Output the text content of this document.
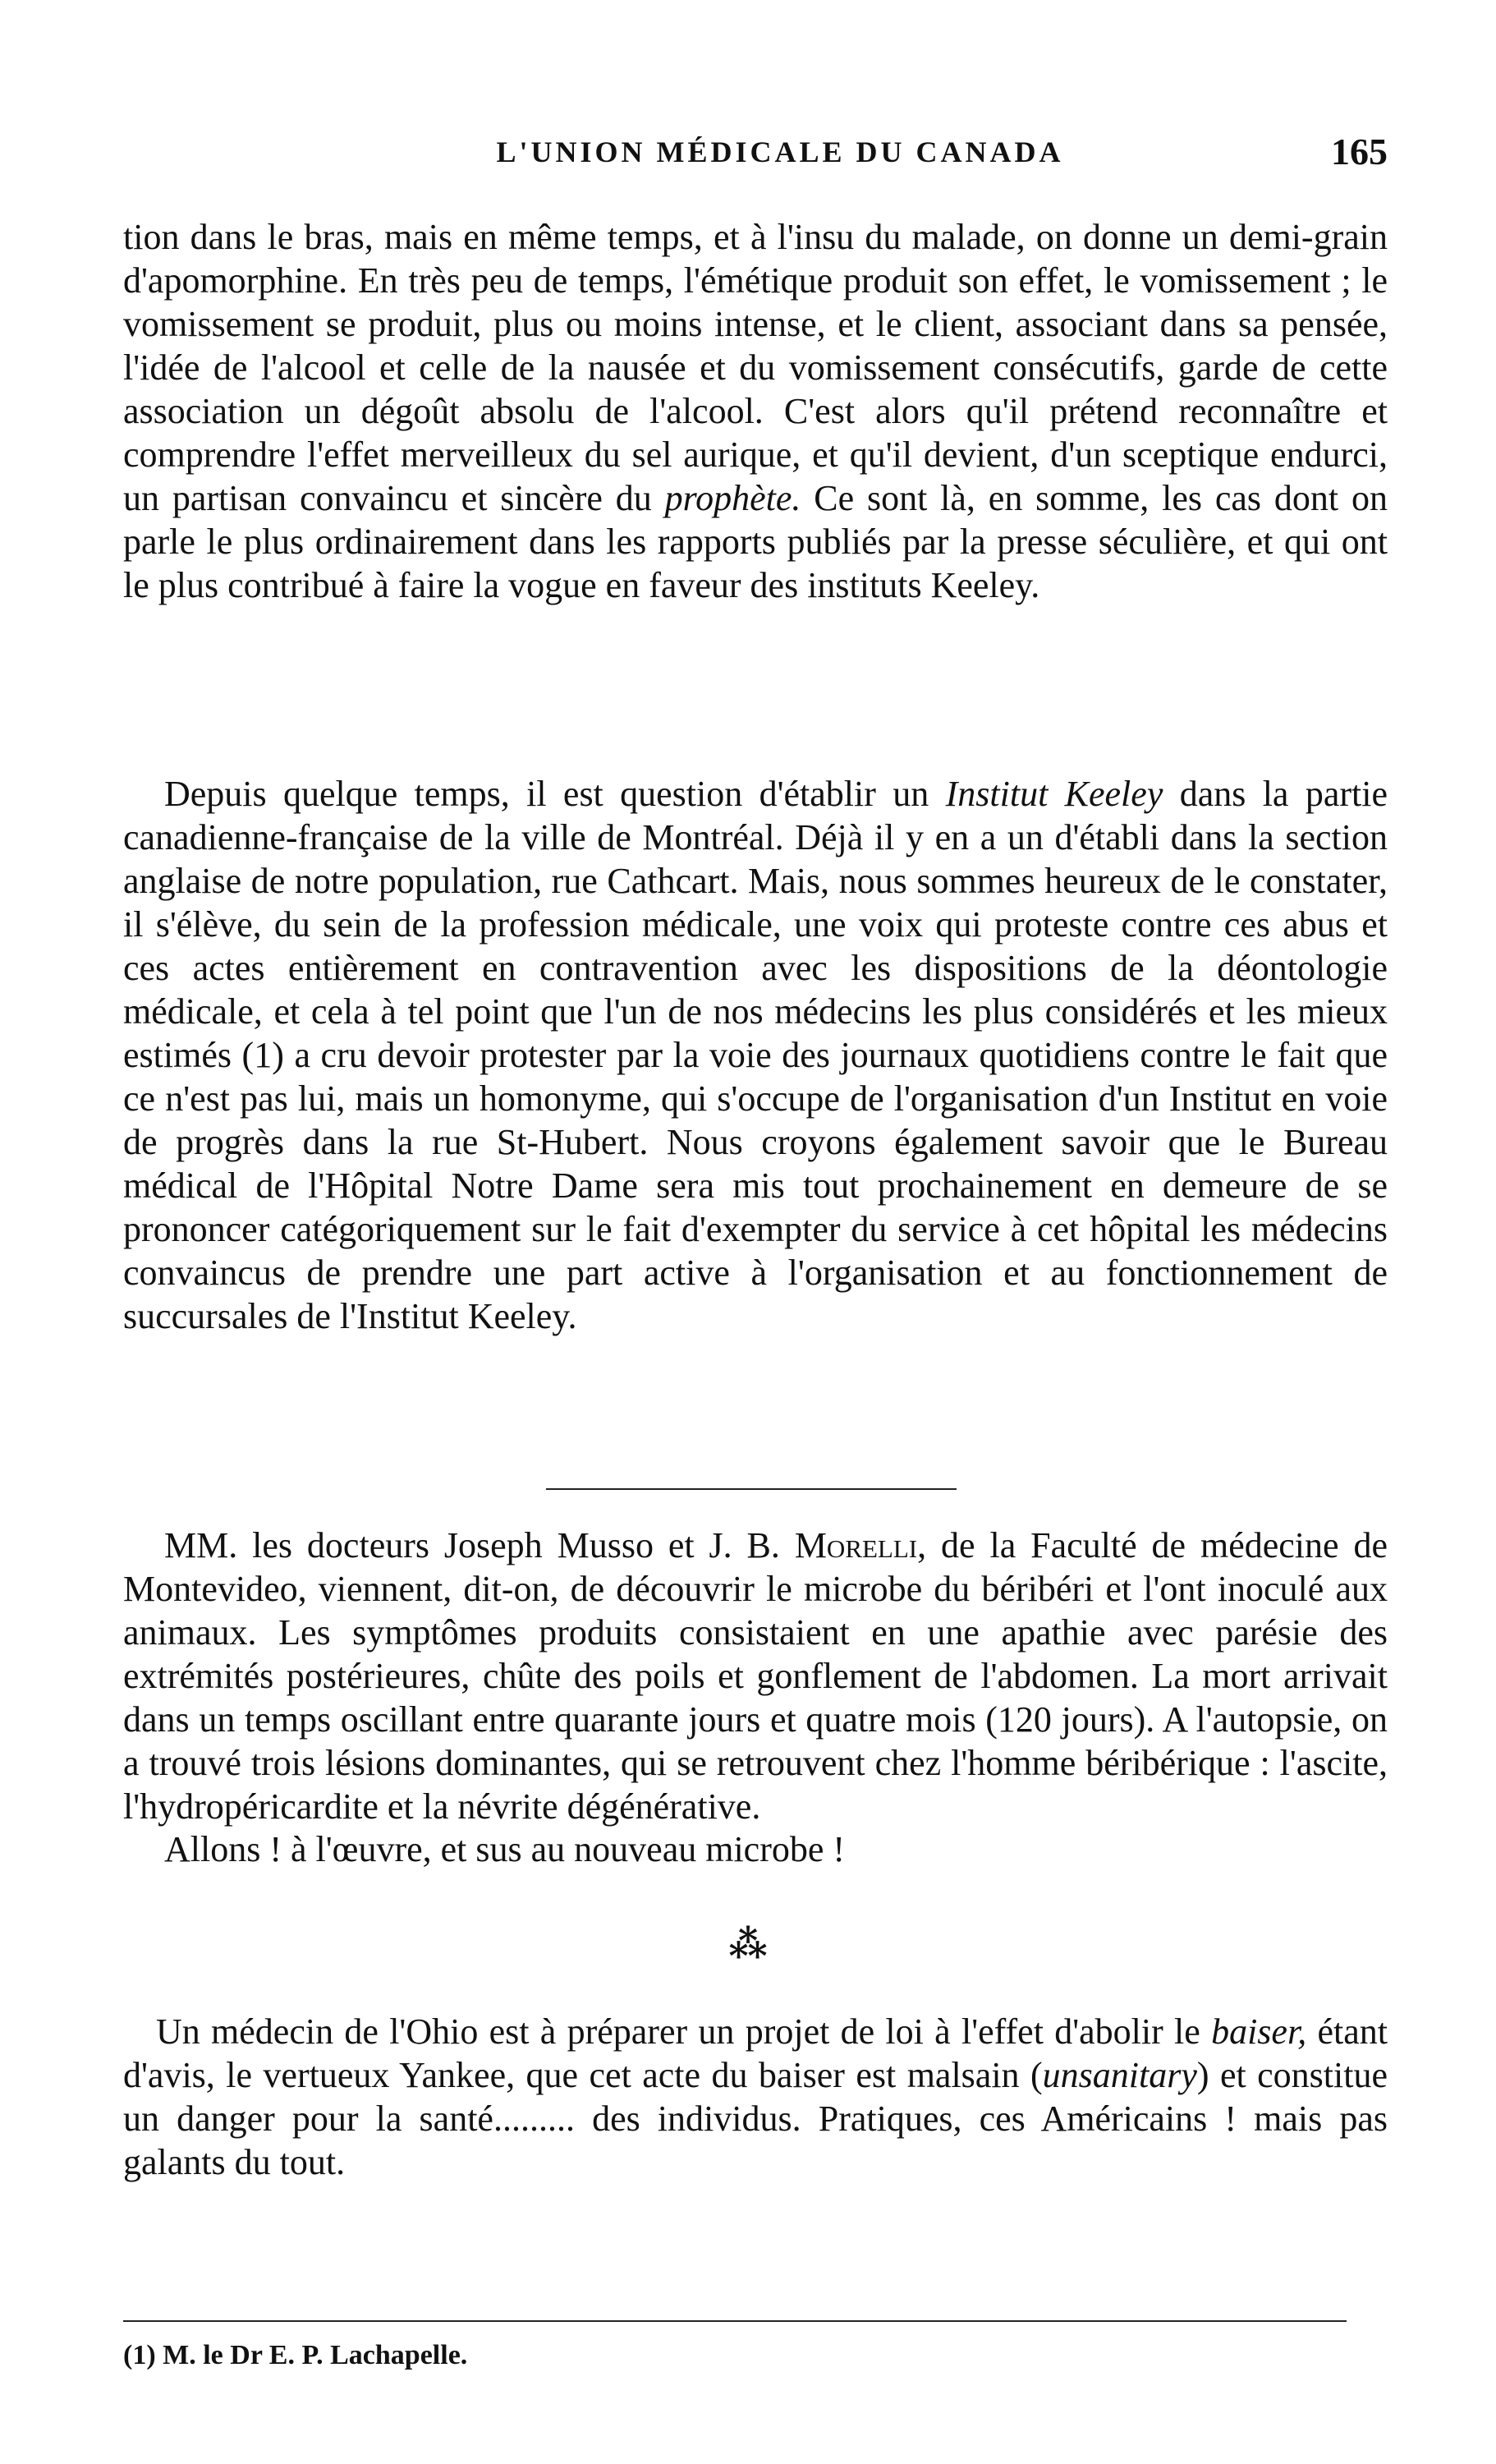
L'UNION MÉDICALE DU CANADA	165

tion dans le bras, mais en même temps, et à l'insu du malade, on donne un demi-grain d'apomorphine. En très peu de temps, l'émétique produit son effet, le vomissement ; le vomissement se produit, plus ou moins intense, et le client, associant dans sa pensée, l'idée de l'alcool et celle de la nausée et du vomissement consécutifs, garde de cette association un dégoût absolu de l'alcool. C'est alors qu'il prétend reconnaître et comprendre l'effet merveilleux du sel aurique, et qu'il devient, d'un sceptique endurci, un partisan convaincu et sincère du prophète. Ce sont là, en somme, les cas dont on parle le plus ordinairement dans les rapports publiés par la presse séculière, et qui ont le plus contribué à faire la vogue en faveur des instituts Keeley.

Depuis quelque temps, il est question d'établir un Institut Keeley dans la partie canadienne-française de la ville de Montréal. Déjà il y en a un d'établi dans la section anglaise de notre population, rue Cathcart. Mais, nous sommes heureux de le constater, il s'élève, du sein de la profession médicale, une voix qui proteste contre ces abus et ces actes entièrement en contravention avec les dispositions de la déontologie médicale, et cela à tel point que l'un de nos médecins les plus considérés et les mieux estimés (1) a cru devoir protester par la voie des journaux quotidiens contre le fait que ce n'est pas lui, mais un homonyme, qui s'occupe de l'organisation d'un Institut en voie de progrès dans la rue St-Hubert. Nous croyons également savoir que le Bureau médical de l'Hôpital Notre Dame sera mis tout prochainement en demeure de se prononcer catégoriquement sur le fait d'exempter du service à cet hôpital les médecins convaincus de prendre une part active à l'organisation et au fonctionnement de succursales de l'Institut Keeley.

MM. les docteurs Joseph Musso et J. B. Morelli, de la Faculté de médecine de Montevideo, viennent, dit-on, de découvrir le microbe du béribéri et l'ont inoculé aux animaux. Les symptômes produits consistaient en une apathie avec parésie des extrémités postérieures, chûte des poils et gonflement de l'abdomen. La mort arrivait dans un temps oscillant entre quarante jours et quatre mois (120 jours). A l'autopsie, on a trouvé trois lésions dominantes, qui se retrouvent chez l'homme béribérique : l'ascite, l'hydropéricardite et la névrite dégénérative.

Allons ! à l'œuvre, et sus au nouveau microbe !

⁂

Un médecin de l'Ohio est à préparer un projet de loi à l'effet d'abolir le baiser, étant d'avis, le vertueux Yankee, que cet acte du baiser est malsain (unsanitary) et constitue un danger pour la santé......... des individus. Pratiques, ces Américains ! mais pas galants du tout.

(1) M. le Dr E. P. Lachapelle.
